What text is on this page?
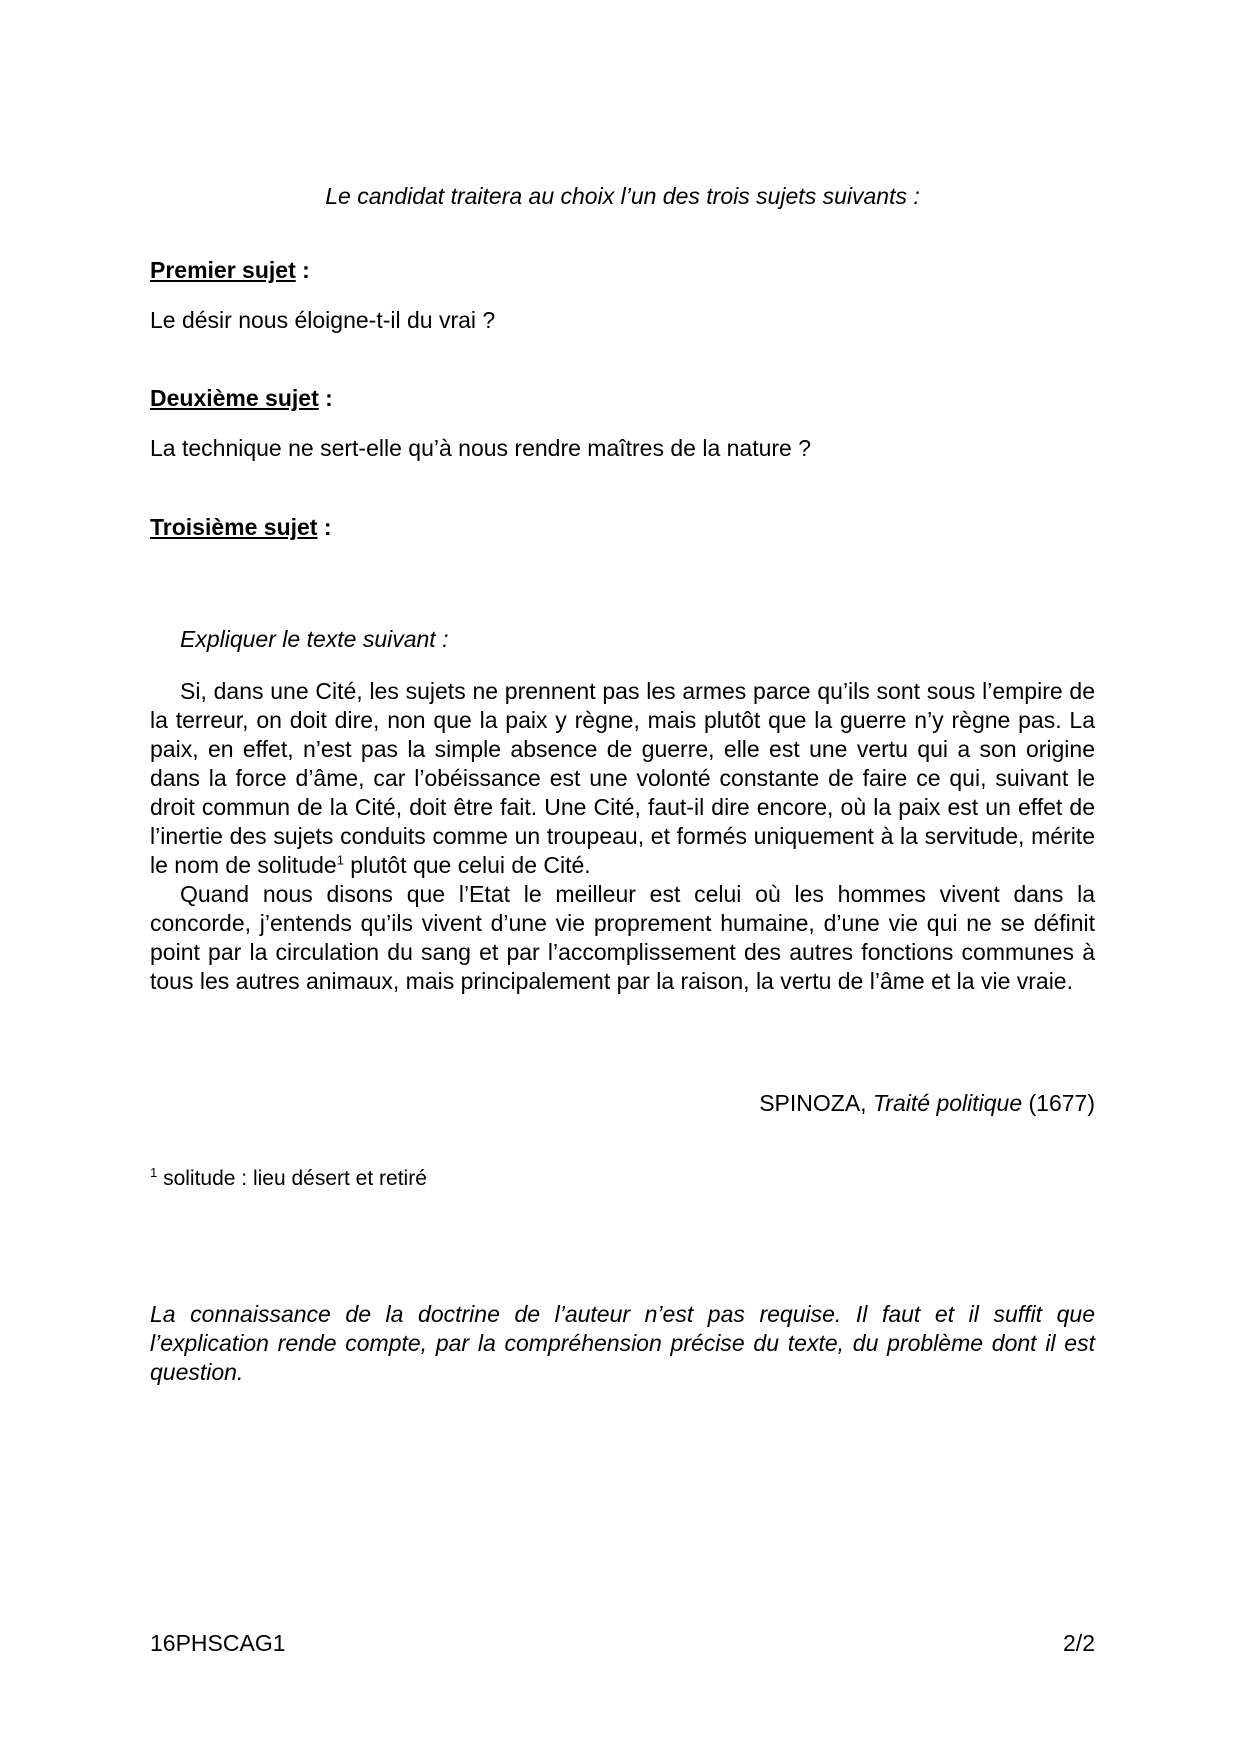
Le candidat traitera au choix l’un des trois sujets suivants :

Premier sujet :

Le désir nous éloigne-t-il du vrai ?

Deuxième sujet :

La technique ne sert-elle qu’à nous rendre maîtres de la nature ?

Troisième sujet :

Expliquer le texte suivant :

Si, dans une Cité, les sujets ne prennent pas les armes parce qu’ils sont sous l’empire de la terreur, on doit dire, non que la paix y règne, mais plutôt que la guerre n’y règne pas. La paix, en effet, n’est pas la simple absence de guerre, elle est une vertu qui a son origine dans la force d’âme, car l’obéissance est une volonté constante de faire ce qui, suivant le droit commun de la Cité, doit être fait. Une Cité, faut-il dire encore, où la paix est un effet de l’inertie des sujets conduits comme un troupeau, et formés uniquement à la servitude, mérite le nom de solitude$^1$ plutôt que celui de Cité.

Quand nous disons que l’Etat le meilleur est celui où les hommes vivent dans la concorde, j’entends qu’ils vivent d’une vie proprement humaine, d’une vie qui ne se définit point par la circulation du sang et par l’accomplissement des autres fonctions communes à tous les autres animaux, mais principalement par la raison, la vertu de l’âme et la vie vraie.

SPINOZA, Traité politique (1677)

$^1$ solitude : lieu désert et retiré

La connaissance de la doctrine de l’auteur n’est pas requise. Il faut et il suffit que l’explication rende compte, par la compréhension précise du texte, du problème dont il est question.

16PHSCAG1	2/2
